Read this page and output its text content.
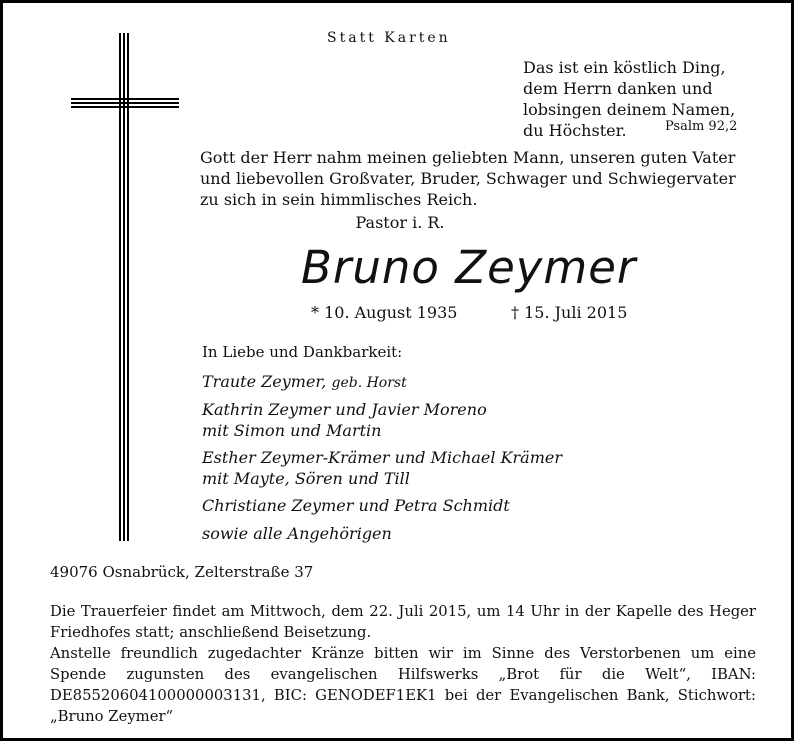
Statt Karten
Das ist ein köstlich Ding,
dem Herrn danken und
lobsingen deinem Namen,
du Höchster.	Psalm 92,2
Gott der Herr nahm meinen geliebten Mann, unseren guten Vater
und liebevollen Großvater, Bruder, Schwager und Schwiegervater
zu sich in sein himmlisches Reich.
Pastor i. R.
Bruno Zeymer
* 10. August 1935	† 15. Juli 2015
In Liebe und Dankbarkeit:
Traute Zeymer, geb. Horst
Kathrin Zeymer und Javier Moreno
mit Simon und Martin
Esther Zeymer-Krämer und Michael Krämer
mit Mayte, Sören und Till
Christiane Zeymer und Petra Schmidt
sowie alle Angehörigen
49076 Osnabrück, Zelterstraße 37

Die Trauerfeier findet am Mittwoch, dem 22. Juli 2015, um 14 Uhr in der Kapelle des Heger Friedhofes statt; anschließend Beisetzung.

Anstelle freundlich zugedachter Kränze bitten wir im Sinne des Verstorbenen um eine Spende zugunsten des evangelischen Hilfswerks „Brot für die Welt“, IBAN: DE85520604100000003131, BIC: GENODEF1EK1 bei der Evangelischen Bank, Stichwort: „Bruno Zeymer“
